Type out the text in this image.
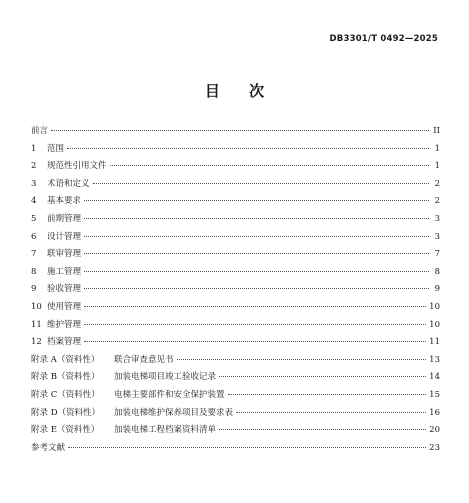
DB3301/T 0492—2025
目 次
前言	II
1	范围	1
2	规范性引用文件	1
3	术语和定义	2
4	基本要求	2
5	前期管理	3
6	设计管理	3
7	联审管理	7
8	施工管理	8
9	验收管理	9
10 使用管理	10
11 维护管理	10
12 档案管理	11
附录 A（资料性）	联合审查意见书	13
附录 B（资料性）	加装电梯项目竣工验收记录	14
附录 C（资料性）	电梯主要部件和安全保护装置	15
附录 D（资料性）	加装电梯维护保养项目及要求表	16
附录 E（资料性）	加装电梯工程档案资料清单	20
参考文献	23
